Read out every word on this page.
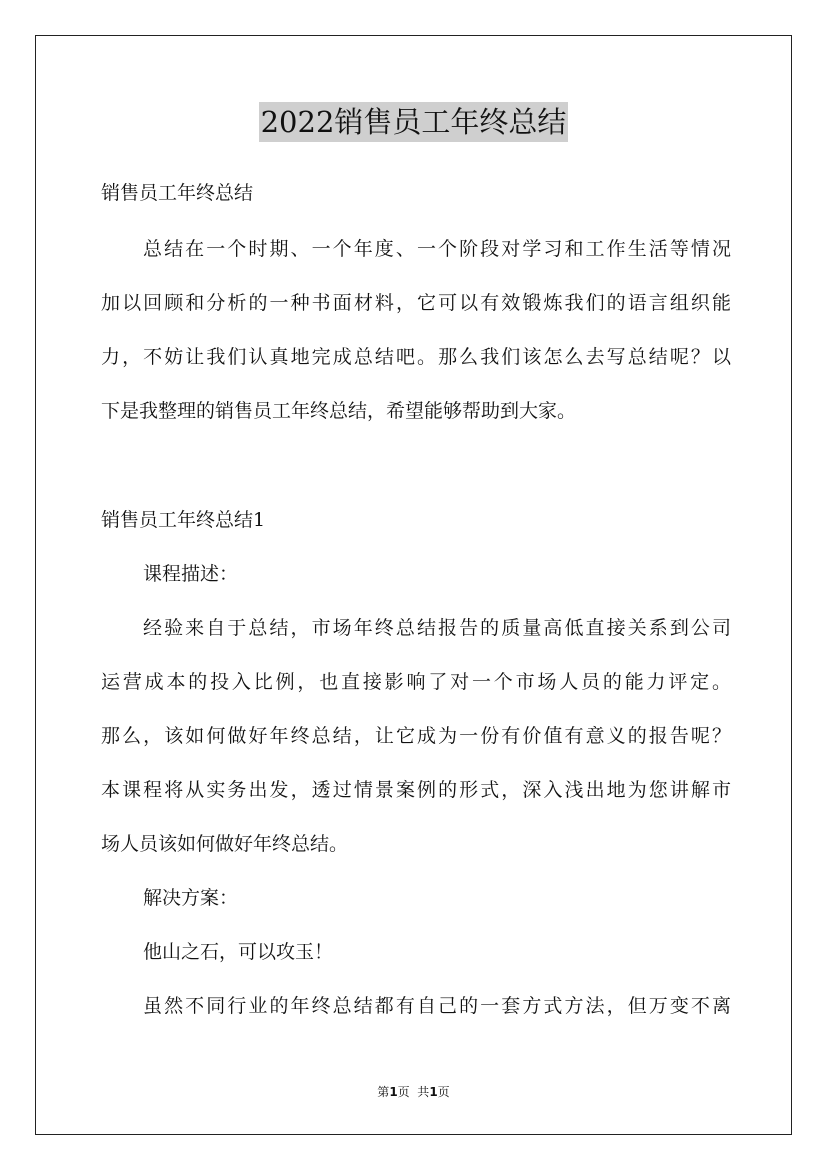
2022销售员工年终总结
销售员工年终总结
总结在一个时期、一个年度、一个阶段对学习和工作生活等情况
加以回顾和分析的一种书面材料，它可以有效锻炼我们的语言组织能
力，不妨让我们认真地完成总结吧。那么我们该怎么去写总结呢？以
下是我整理的销售员工年终总结，希望能够帮助到大家。
销售员工年终总结1
课程描述：
经验来自于总结，市场年终总结报告的质量高低直接关系到公司
运营成本的投入比例，也直接影响了对一个市场人员的能力评定。
那么，该如何做好年终总结，让它成为一份有价值有意义的报告呢？
本课程将从实务出发，透过情景案例的形式，深入浅出地为您讲解市
场人员该如何做好年终总结。
解决方案：
他山之石，可以攻玉！
虽然不同行业的年终总结都有自己的一套方式方法，但万变不离
第1页  共1页
